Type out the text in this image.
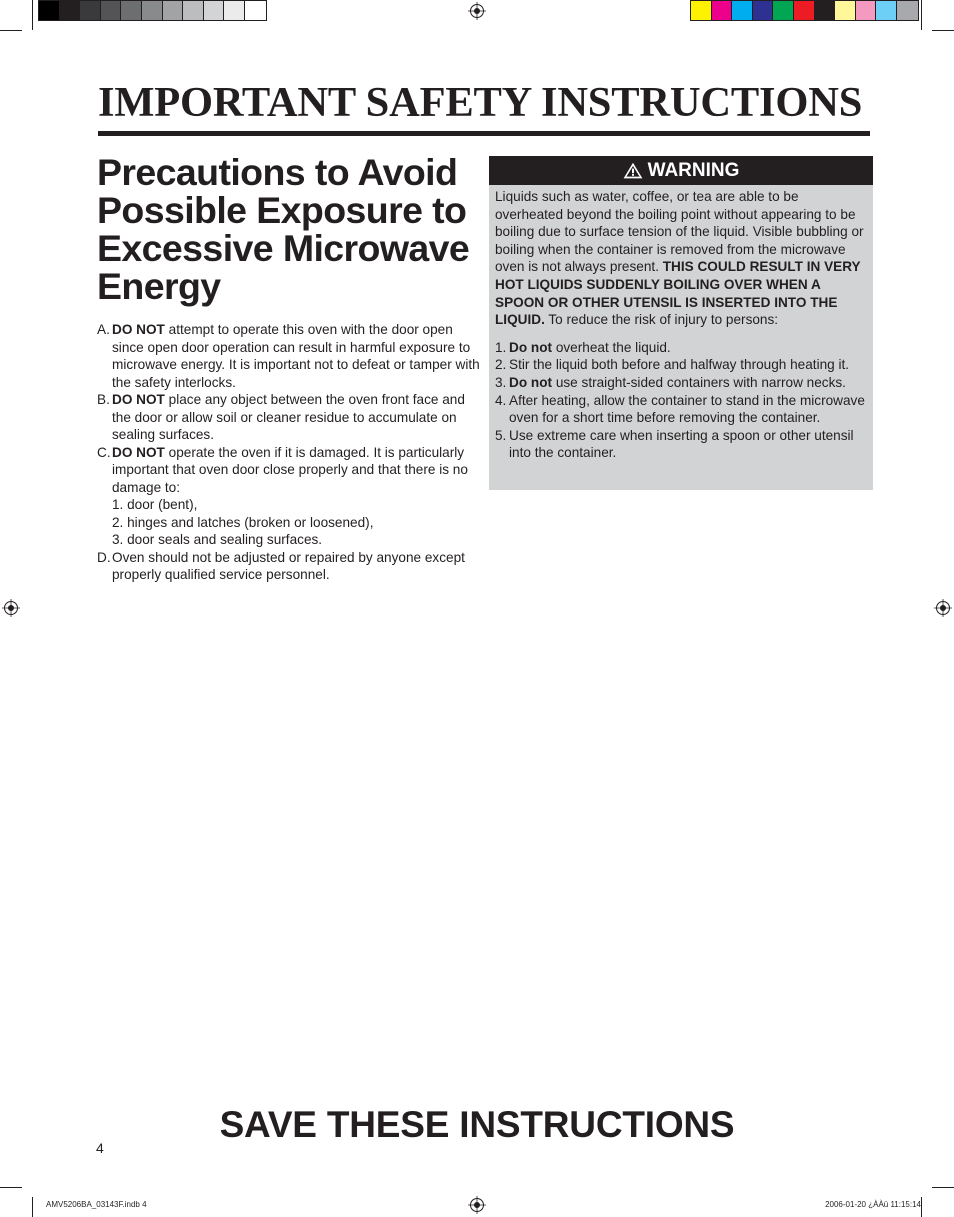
IMPORTANT SAFETY INSTRUCTIONS
Precautions to Avoid
Possible Exposure to
Excessive Microwave
Energy
A. DO NOT attempt to operate this oven with the door open since open door operation can result in harmful exposure to microwave energy. It is important not to defeat or tamper with the safety interlocks.
B. DO NOT place any object between the oven front face and the door or allow soil or cleaner residue to accumulate on sealing surfaces.
C. DO NOT operate the oven if it is damaged. It is particularly important that oven door close properly and that there is no damage to:
1. door (bent),
2. hinges and latches (broken or loosened),
3. door seals and sealing surfaces.
D. Oven should not be adjusted or repaired by anyone except properly qualified service personnel.
WARNING

Liquids such as water, coffee, or tea are able to be overheated beyond the boiling point without appearing to be boiling due to surface tension of the liquid. Visible bubbling or boiling when the container is removed from the microwave oven is not always present. THIS COULD RESULT IN VERY HOT LIQUIDS SUDDENLY BOILING OVER WHEN A SPOON OR OTHER UTENSIL IS INSERTED INTO THE LIQUID. To reduce the risk of injury to persons:

1. Do not overheat the liquid.
2. Stir the liquid both before and halfway through heating it.
3. Do not use straight-sided containers with narrow necks.
4. After heating, allow the container to stand in the microwave oven for a short time before removing the container.
5. Use extreme care when inserting a spoon or other utensil into the container.
SAVE THESE INSTRUCTIONS
4
AMV5206BA_03143F.indb 4	2006-01-20 ¿ÀÀü 11:15:14
